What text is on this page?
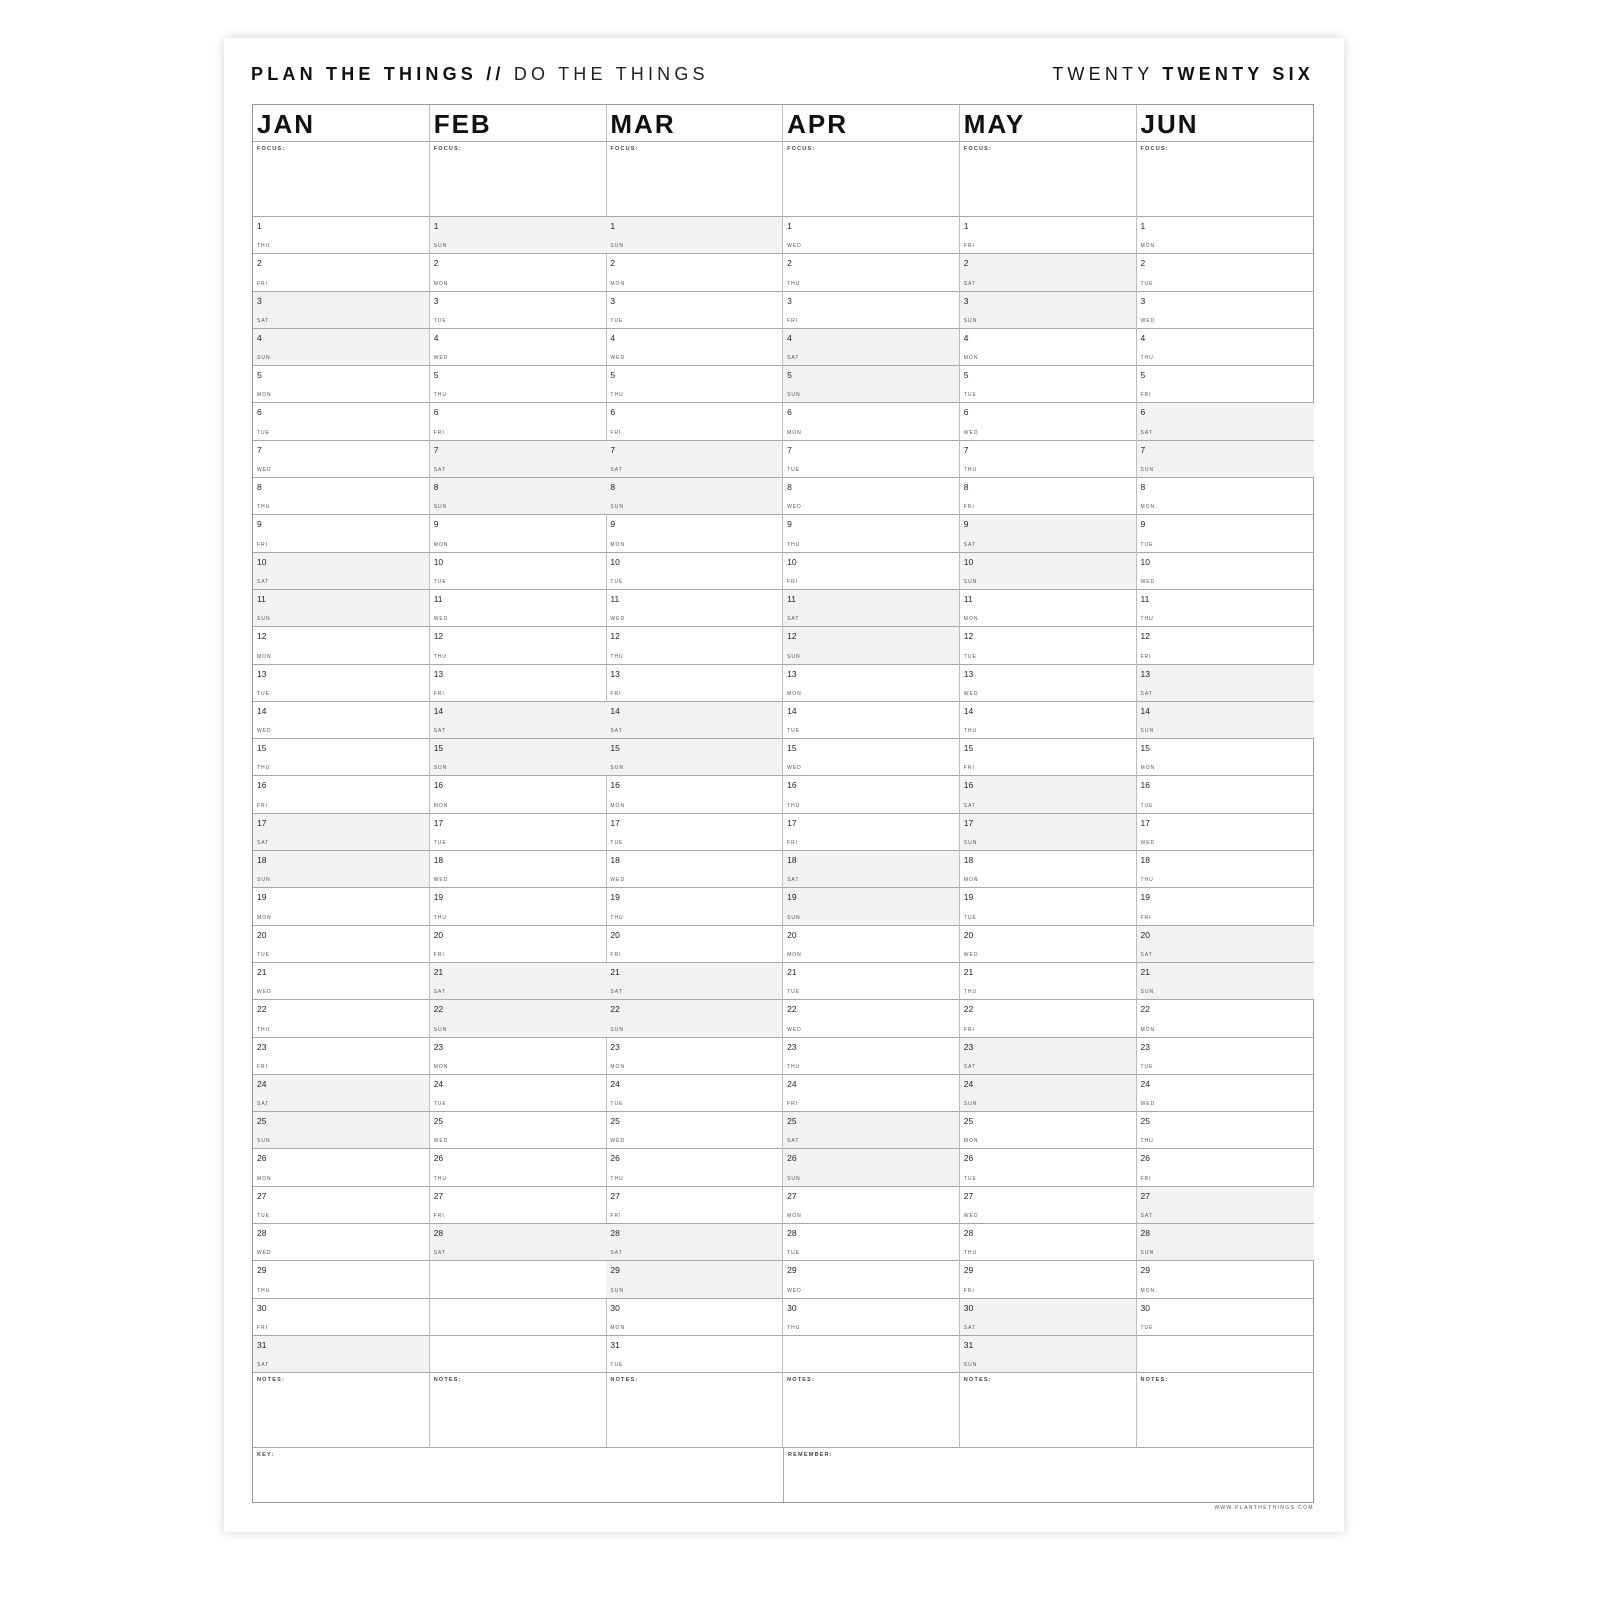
PLAN THE THINGS // DO THE THINGS	TWENTY TWENTY SIX
KEY:	REMEMBER:
JAN
FOCUS:
1
THU
2
FRI
3
SAT
4
SUN
5
MON
6
TUE
7
WED
8
THU
9
FRI
10
SAT
11
SUN
12
MON
13
TUE
14
WED
15
THU
16
FRI
17
SAT
18
SUN
19
MON
20
TUE
21
WED
22
THU
23
FRI
24
SAT
25
SUN
26
MON
27
TUE
28
WED
29
THU
30
FRI
31
SAT
NOTES:
FEB
FOCUS:
1
SUN
2
MON
3
TUE
4
WED
5
THU
6
FRI
7
SAT
8
SUN
9
MON
10
TUE
11
WED
12
THU
13
FRI
14
SAT
15
SUN
16
MON
17
TUE
18
WED
19
THU
20
FRI
21
SAT
22
SUN
23
MON
24
TUE
25
WED
26
THU
27
FRI
28
SAT
NOTES:
MAR
FOCUS:
1
SUN
2
MON
3
TUE
4
WED
5
THU
6
FRI
7
SAT
8
SUN
9
MON
10
TUE
11
WED
12
THU
13
FRI
14
SAT
15
SUN
16
MON
17
TUE
18
WED
19
THU
20
FRI
21
SAT
22
SUN
23
MON
24
TUE
25
WED
26
THU
27
FRI
28
SAT
29
SUN
30
MON
31
TUE
NOTES:
APR
FOCUS:
1
WED
2
THU
3
FRI
4
SAT
5
SUN
6
MON
7
TUE
8
WED
9
THU
10
FRI
11
SAT
12
SUN
13
MON
14
TUE
15
WED
16
THU
17
FRI
18
SAT
19
SUN
20
MON
21
TUE
22
WED
23
THU
24
FRI
25
SAT
26
SUN
27
MON
28
TUE
29
WED
30
THU
NOTES:
MAY
FOCUS:
1
FRI
2
SAT
3
SUN
4
MON
5
TUE
6
WED
7
THU
8
FRI
9
SAT
10
SUN
11
MON
12
TUE
13
WED
14
THU
15
FRI
16
SAT
17
SUN
18
MON
19
TUE
20
WED
21
THU
22
FRI
23
SAT
24
SUN
25
MON
26
TUE
27
WED
28
THU
29
FRI
30
SAT
31
SUN
NOTES:
JUN
FOCUS:
1
MON
2
TUE
3
WED
4
THU
5
FRI
6
SAT
7
SUN
8
MON
9
TUE
10
WED
11
THU
12
FRI
13
SAT
14
SUN
15
MON
16
TUE
17
WED
18
THU
19
FRI
20
SAT
21
SUN
22
MON
23
TUE
24
WED
25
THU
26
FRI
27
SAT
28
SUN
29
MON
30
TUE
NOTES:
WWW.PLANTHETHINGS.COM
